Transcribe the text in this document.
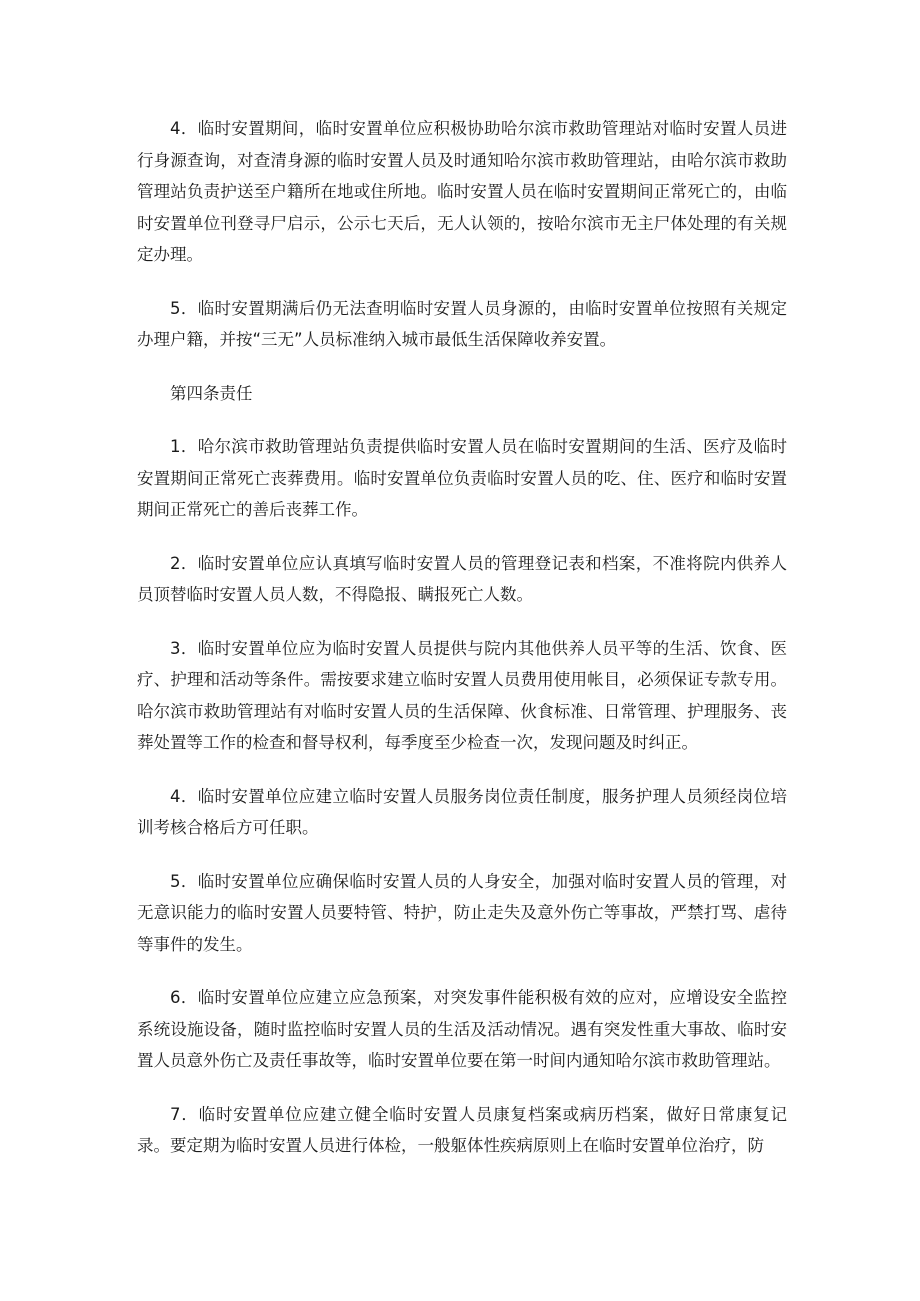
4．临时安置期间，临时安置单位应积极协助哈尔滨市救助管理站对临时安置人员进行身源查询，对查清身源的临时安置人员及时通知哈尔滨市救助管理站，由哈尔滨市救助管理站负责护送至户籍所在地或住所地。临时安置人员在临时安置期间正常死亡的，由临时安置单位刊登寻尸启示，公示七天后，无人认领的，按哈尔滨市无主尸体处理的有关规定办理。

5．临时安置期满后仍无法查明临时安置人员身源的，由临时安置单位按照有关规定办理户籍，并按“三无”人员标准纳入城市最低生活保障收养安置。

第四条责任

1．哈尔滨市救助管理站负责提供临时安置人员在临时安置期间的生活、医疗及临时安置期间正常死亡丧葬费用。临时安置单位负责临时安置人员的吃、住、医疗和临时安置期间正常死亡的善后丧葬工作。

2．临时安置单位应认真填写临时安置人员的管理登记表和档案，不准将院内供养人员顶替临时安置人员人数，不得隐报、瞒报死亡人数。

3．临时安置单位应为临时安置人员提供与院内其他供养人员平等的生活、饮食、医疗、护理和活动等条件。需按要求建立临时安置人员费用使用帐目，必须保证专款专用。哈尔滨市救助管理站有对临时安置人员的生活保障、伙食标准、日常管理、护理服务、丧葬处置等工作的检查和督导权利，每季度至少检查一次，发现问题及时纠正。

4．临时安置单位应建立临时安置人员服务岗位责任制度，服务护理人员须经岗位培训考核合格后方可任职。

5．临时安置单位应确保临时安置人员的人身安全，加强对临时安置人员的管理，对无意识能力的临时安置人员要特管、特护，防止走失及意外伤亡等事故，严禁打骂、虐待等事件的发生。

6．临时安置单位应建立应急预案，对突发事件能积极有效的应对，应增设安全监控系统设施设备，随时监控临时安置人员的生活及活动情况。遇有突发性重大事故、临时安置人员意外伤亡及责任事故等，临时安置单位要在第一时间内通知哈尔滨市救助管理站。

7．临时安置单位应建立健全临时安置人员康复档案或病历档案，做好日常康复记录。要定期为临时安置人员进行体检，一般躯体性疾病原则上在临时安置单位治疗，防
